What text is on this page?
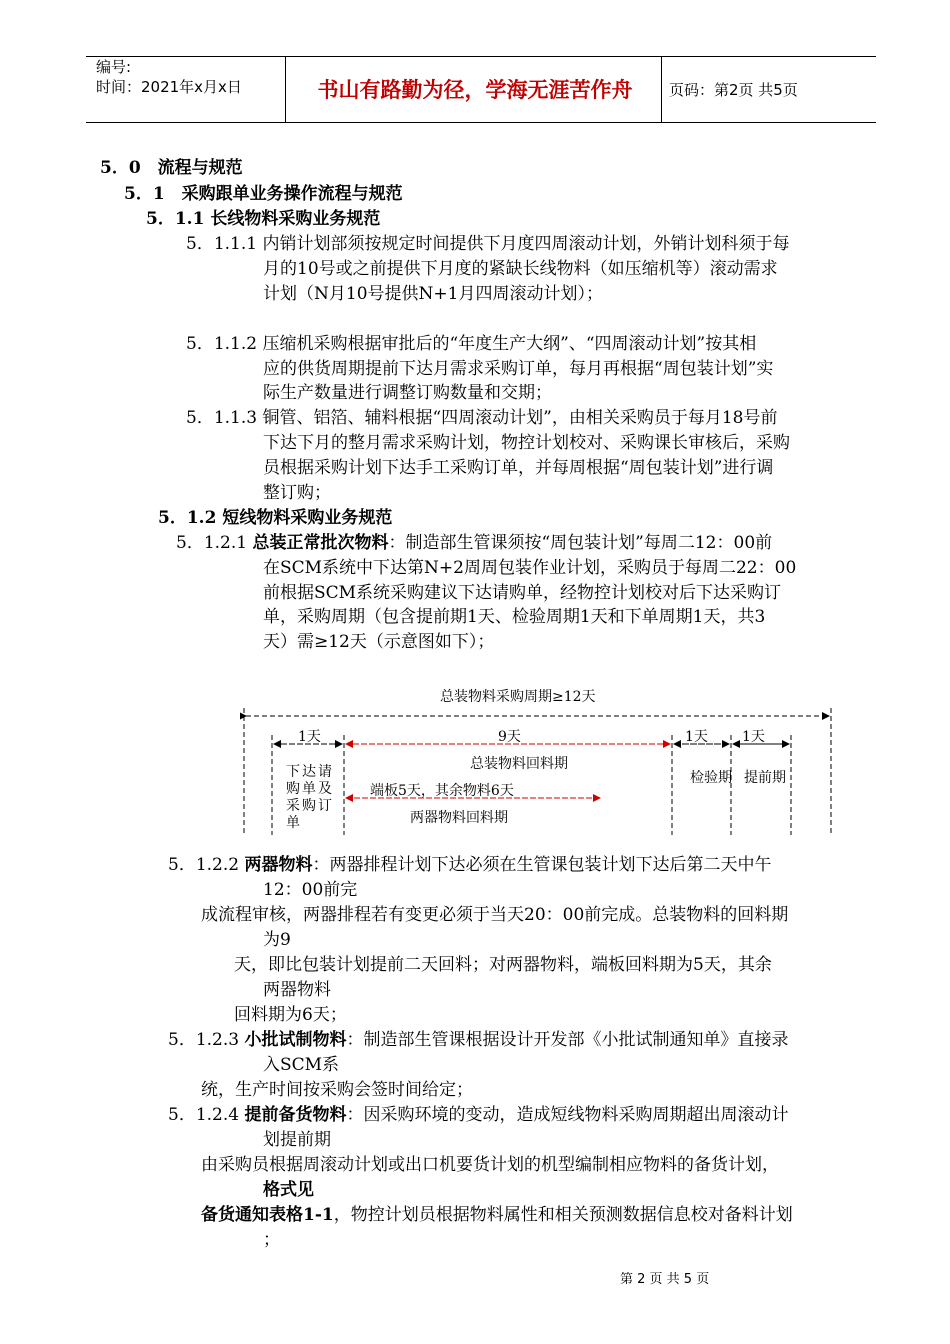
编号:
时间：2021年x月x日	书山有路勤为径，学海无涯苦作舟	页码：第2页 共5页
5．0　流程与规范
5．1　采购跟单业务操作流程与规范
5．1.1 长线物料采购业务规范
5．1.1.1 内销计划部须按规定时间提供下月度四周滚动计划，外销计划科须于每
月的10号或之前提供下月度的紧缺长线物料（如压缩机等）滚动需求
计划（N月10号提供N+1月四周滚动计划）；
5．1.1.2 压缩机采购根据审批后的“年度生产大纲”、“四周滚动计划”按其相
应的供货周期提前下达月需求采购订单，每月再根据“周包装计划”实
际生产数量进行调整订购数量和交期；
5．1.1.3 铜管、铝箔、辅料根据“四周滚动计划”，由相关采购员于每月18号前
下达下月的整月需求采购计划，物控计划校对、采购课长审核后，采购
员根据采购计划下达手工采购订单，并每周根据“周包装计划”进行调
整订购；
5．1.2 短线物料采购业务规范
5．1.2.1 总装正常批次物料：制造部生管课须按“周包装计划”每周二12：00前
在SCM系统中下达第N+2周周包装作业计划，采购员于每周二22：00
前根据SCM系统采购建议下达请购单，经物控计划校对后下达采购订
单，采购周期（包含提前期1天、检验周期1天和下单周期1天，共3
天）需≥12天（示意图如下）；
总装物料采购周期≥12天
1天	9天	1天 1天
总装物料回料期
下达请
购单及
采购订
单
检验期 提前期
端板5天，其余物料6天
两器物料回料期
5．1.2.2 两器物料：两器排程计划下达必须在生管课包装计划下达后第二天中午
12：00前完
成流程审核，两器排程若有变更必须于当天20：00前完成。总装物料的回料期
为9
天，即比包装计划提前二天回料；对两器物料，端板回料期为5天，其余
两器物料
回料期为6天；
5．1.2.3 小批试制物料：制造部生管课根据设计开发部《小批试制通知单》直接录
入SCM系
统，生产时间按采购会签时间给定；
5．1.2.4 提前备货物料：因采购环境的变动，造成短线物料采购周期超出周滚动计
划提前期
由采购员根据周滚动计划或出口机要货计划的机型编制相应物料的备货计划，
格式见
备货通知表格1-1，物控计划员根据物料属性和相关预测数据信息校对备料计划
；
第 2 页 共 5 页
